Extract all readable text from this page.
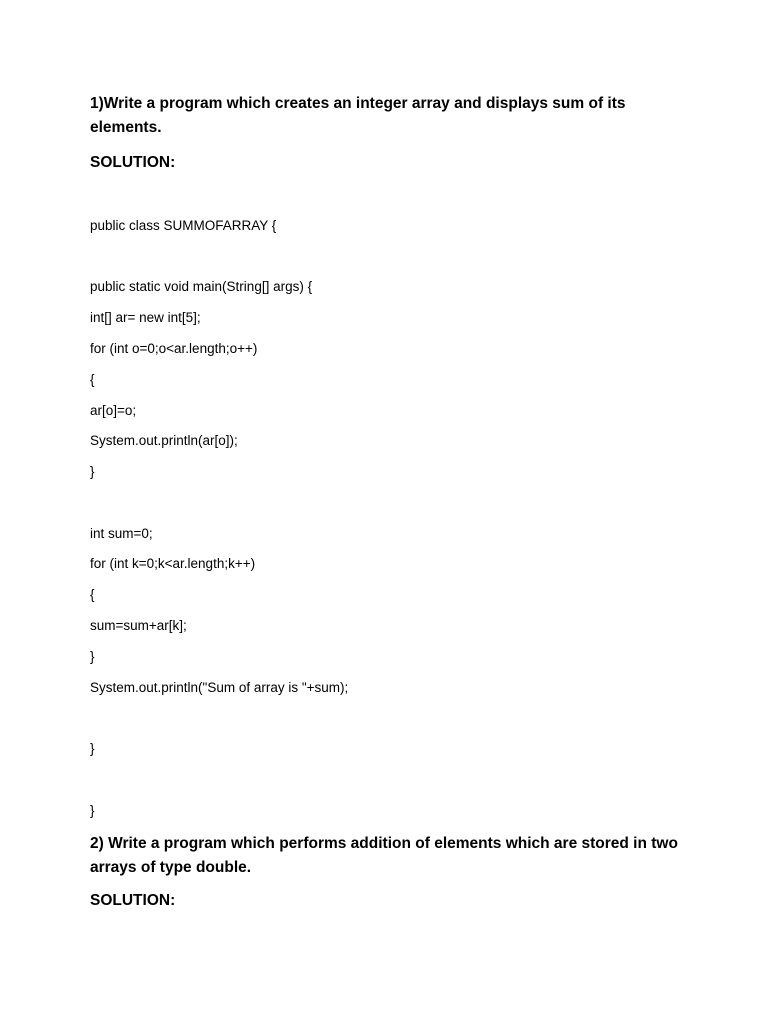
1)Write a program which creates an integer array and displays sum of its elements.

SOLUTION:

public class SUMMOFARRAY {

public static void main(String[] args) {

int[] ar= new int[5];

for (int o=0;o<ar.length;o++)

{

ar[o]=o;

System.out.println(ar[o]);

}

int sum=0;

for (int k=0;k<ar.length;k++)

{

sum=sum+ar[k];

}

System.out.println("Sum of array is "+sum);

}

}

2) Write a program which performs addition of elements which are stored in two arrays of type double.

SOLUTION:
